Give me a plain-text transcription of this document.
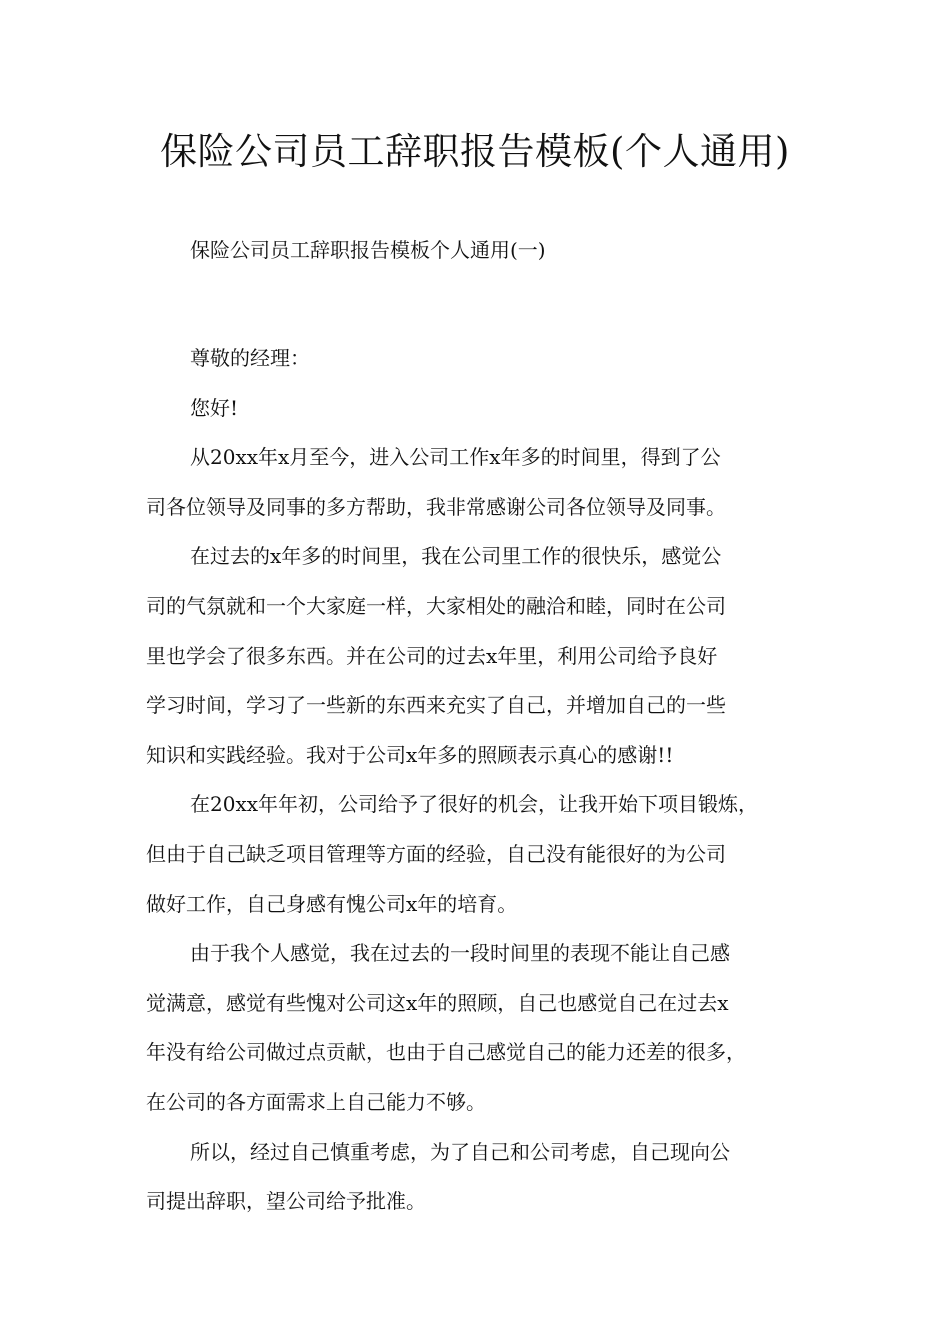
保险公司员工辞职报告模板(个人通用)
保险公司员工辞职报告模板个人通用(一)
尊敬的经理：
您好!
从20xx年x月至今，进入公司工作x年多的时间里，得到了公
司各位领导及同事的多方帮助，我非常感谢公司各位领导及同事。
在过去的x年多的时间里，我在公司里工作的很快乐，感觉公
司的气氛就和一个大家庭一样，大家相处的融洽和睦，同时在公司
里也学会了很多东西。并在公司的过去x年里，利用公司给予良好
学习时间，学习了一些新的东西来充实了自己，并增加自己的一些
知识和实践经验。我对于公司x年多的照顾表示真心的感谢!!
在20xx年年初，公司给予了很好的机会，让我开始下项目锻炼，
但由于自己缺乏项目管理等方面的经验，自己没有能很好的为公司
做好工作，自己身感有愧公司x年的培育。
由于我个人感觉，我在过去的一段时间里的表现不能让自己感
觉满意，感觉有些愧对公司这x年的照顾，自己也感觉自己在过去x
年没有给公司做过点贡献，也由于自己感觉自己的能力还差的很多，
在公司的各方面需求上自己能力不够。
所以，经过自己慎重考虑，为了自己和公司考虑，自己现向公
司提出辞职，望公司给予批准。
